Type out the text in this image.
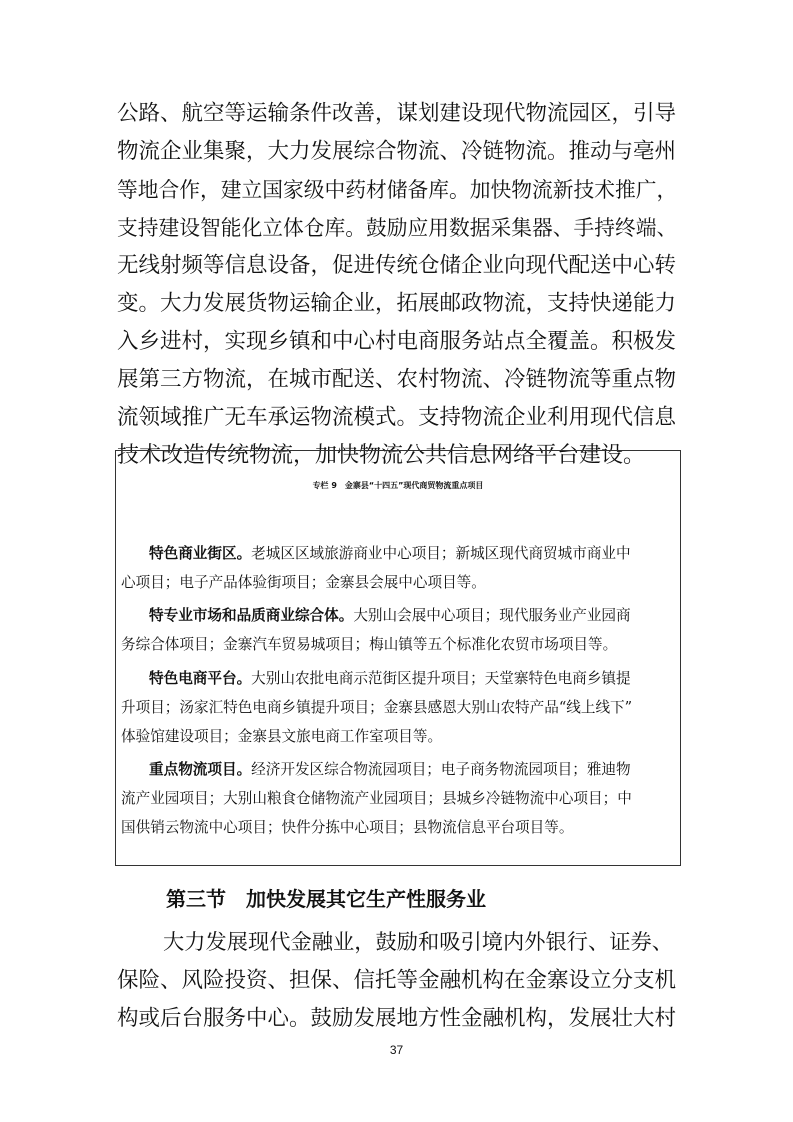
公路、航空等运输条件改善，谋划建设现代物流园区，引导
物流企业集聚，大力发展综合物流、冷链物流。推动与亳州
等地合作，建立国家级中药材储备库。加快物流新技术推广，
支持建设智能化立体仓库。鼓励应用数据采集器、手持终端、
无线射频等信息设备，促进传统仓储企业向现代配送中心转
变。大力发展货物运输企业，拓展邮政物流，支持快递能力
入乡进村，实现乡镇和中心村电商服务站点全覆盖。积极发
展第三方物流，在城市配送、农村物流、冷链物流等重点物
流领域推广无车承运物流模式。支持物流企业利用现代信息
技术改造传统物流，加快物流公共信息网络平台建设。
专栏 9　金寨县“十四五”现代商贸物流重点项目
特色商业街区。老城区区域旅游商业中心项目；新城区现代商贸城市商业中
心项目；电子产品体验街项目；金寨县会展中心项目等。
特专业市场和品质商业综合体。大别山会展中心项目；现代服务业产业园商
务综合体项目；金寨汽车贸易城项目；梅山镇等五个标准化农贸市场项目等。
特色电商平台。大别山农批电商示范街区提升项目；天堂寨特色电商乡镇提
升项目；汤家汇特色电商乡镇提升项目；金寨县感恩大别山农特产品“线上线下”
体验馆建设项目；金寨县文旅电商工作室项目等。
重点物流项目。经济开发区综合物流园项目；电子商务物流园项目；雅迪物
流产业园项目；大别山粮食仓储物流产业园项目；县城乡冷链物流中心项目；中
国供销云物流中心项目；快件分拣中心项目；县物流信息平台项目等。
第三节　加快发展其它生产性服务业
大力发展现代金融业，鼓励和吸引境内外银行、证券、
保险、风险投资、担保、信托等金融机构在金寨设立分支机
构或后台服务中心。鼓励发展地方性金融机构，发展壮大村
37
